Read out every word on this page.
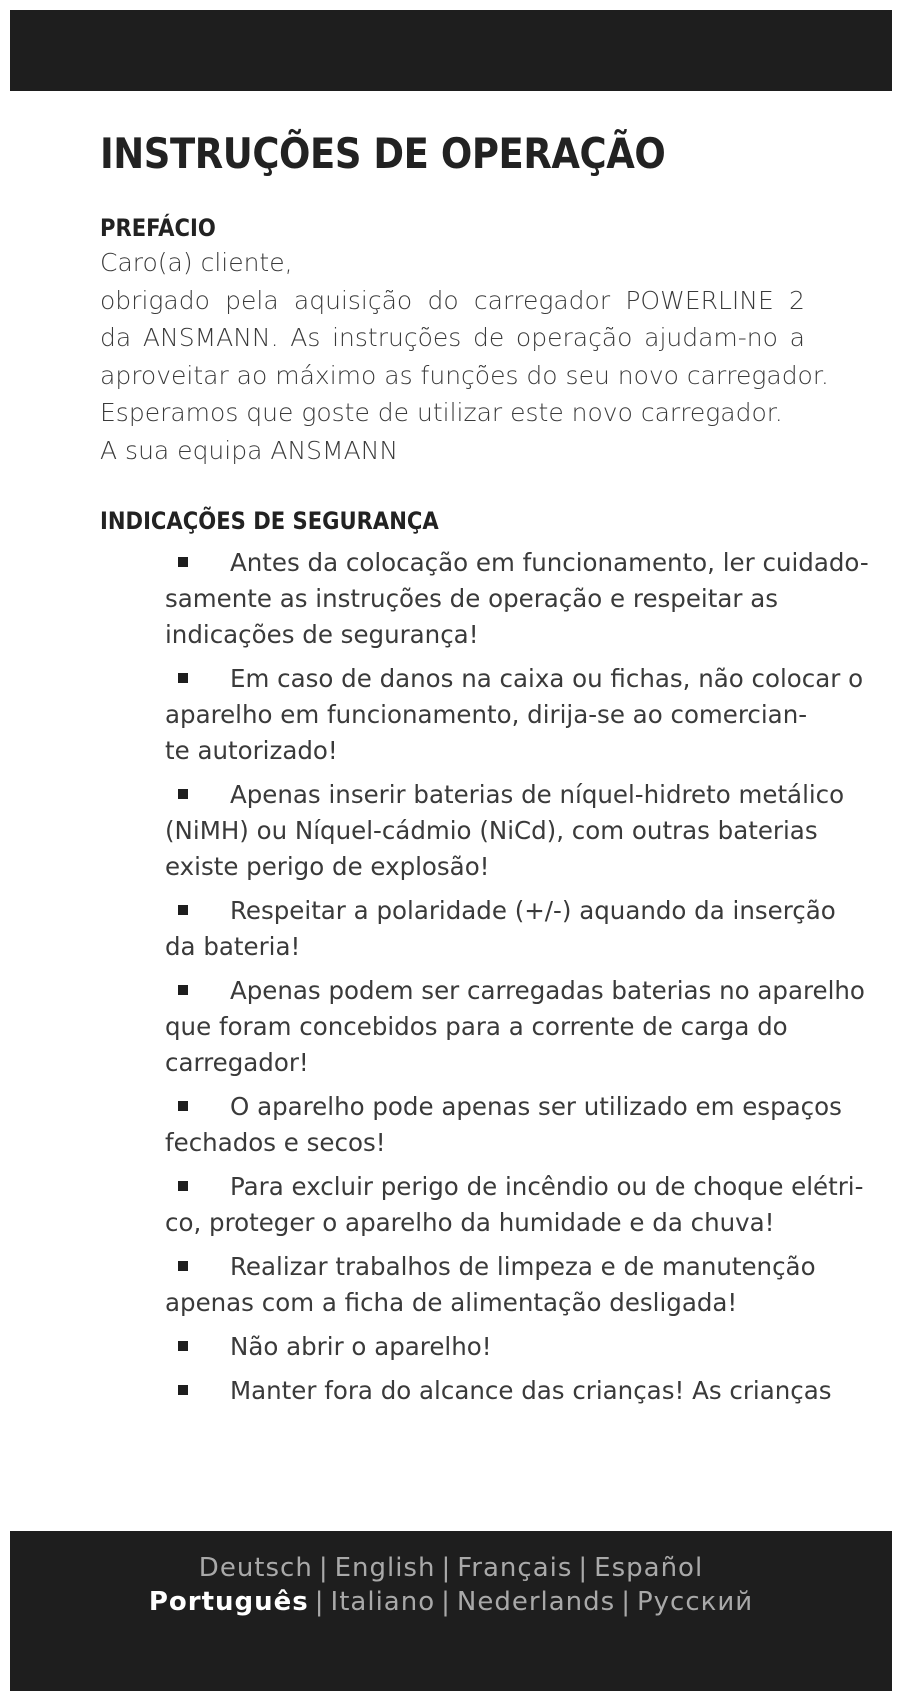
INSTRUÇÕES DE OPERAÇÃO
PREFÁCIO
Caro(a) cliente,
obrigado pela aquisição do carregador POWERLINE 2
da ANSMANN. As instruções de operação ajudam-no a
aproveitar ao máximo as funções do seu novo carregador.
Esperamos que goste de utilizar este novo carregador.
A sua equipa ANSMANN
INDICAÇÕES DE SEGURANÇA
Antes da colocação em funcionamento, ler cuidado-
samente as instruções de operação e respeitar as
indicações de segurança!
Em caso de danos na caixa ou fichas, não colocar o
aparelho em funcionamento, dirija-se ao comercian-
te autorizado!
Apenas inserir baterias de níquel-hidreto metálico
(NiMH) ou Níquel-cádmio (NiCd), com outras baterias
existe perigo de explosão!
Respeitar a polaridade (+/-) aquando da inserção
da bateria!
Apenas podem ser carregadas baterias no aparelho
que foram concebidos para a corrente de carga do
carregador!
O aparelho pode apenas ser utilizado em espaços
fechados e secos!
Para excluir perigo de incêndio ou de choque elétri-
co, proteger o aparelho da humidade e da chuva!
Realizar trabalhos de limpeza e de manutenção
apenas com a ficha de alimentação desligada!
Não abrir o aparelho!
Manter fora do alcance das crianças! As crianças
Deutsch | English | Français | Español
Português | Italiano | Nederlands | Русский
